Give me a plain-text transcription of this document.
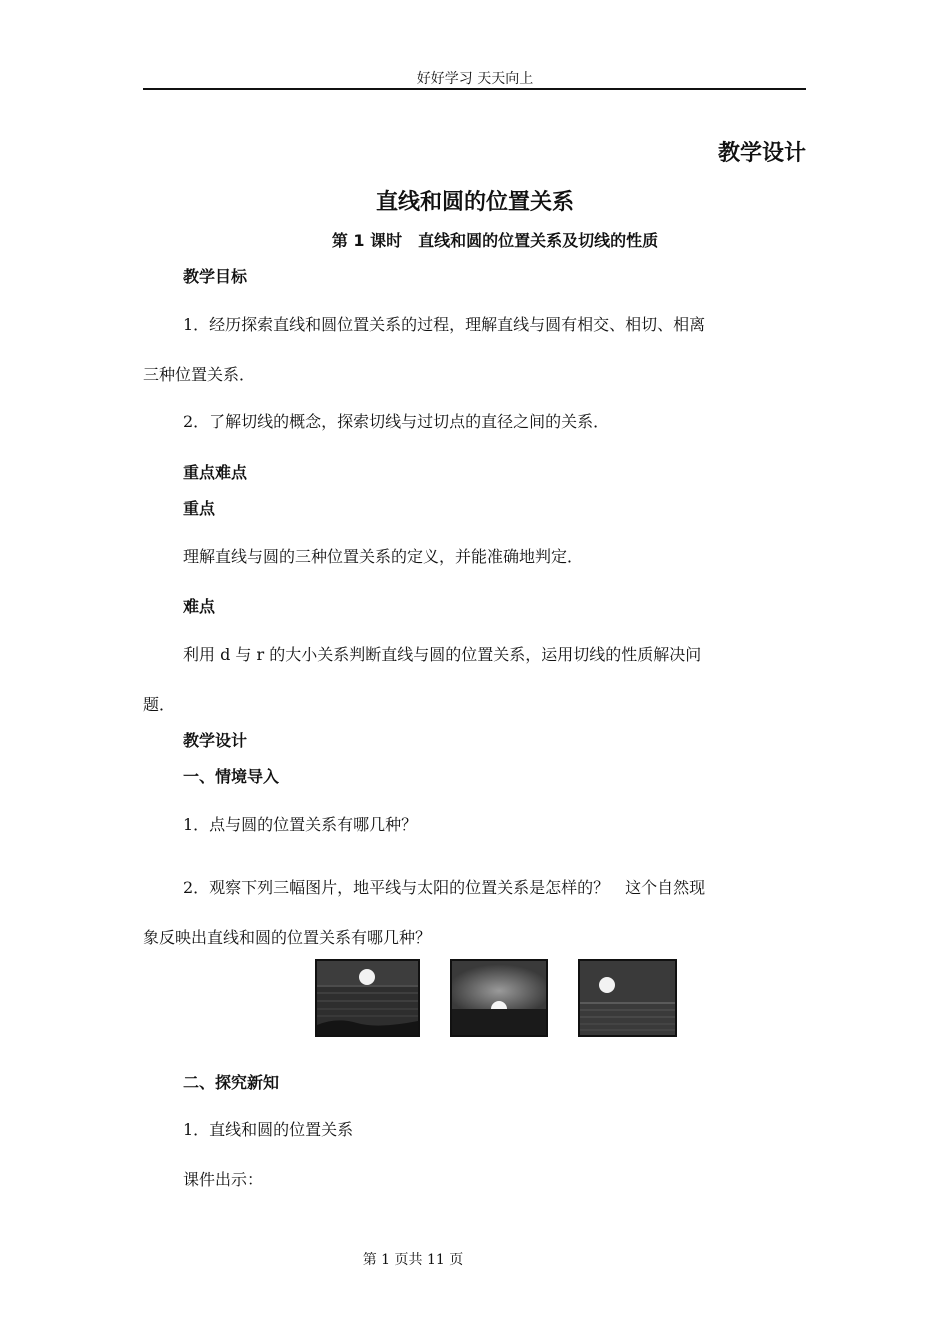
好好学习 天天向上
教学设计
直线和圆的位置关系
第 1 课时　直线和圆的位置关系及切线的性质
教学目标
1．经历探索直线和圆位置关系的过程，理解直线与圆有相交、相切、相离
三种位置关系．
2．了解切线的概念，探索切线与过切点的直径之间的关系．
重点难点
重点
理解直线与圆的三种位置关系的定义，并能准确地判定．
难点
利用 d 与 r 的大小关系判断直线与圆的位置关系，运用切线的性质解决问
题．
教学设计
一、情境导入
1．点与圆的位置关系有哪几种？
2．观察下列三幅图片，地平线与太阳的位置关系是怎样的？　这个自然现
象反映出直线和圆的位置关系有哪几种？
二、探究新知
1．直线和圆的位置关系
课件出示：
第 1 页共 11 页
